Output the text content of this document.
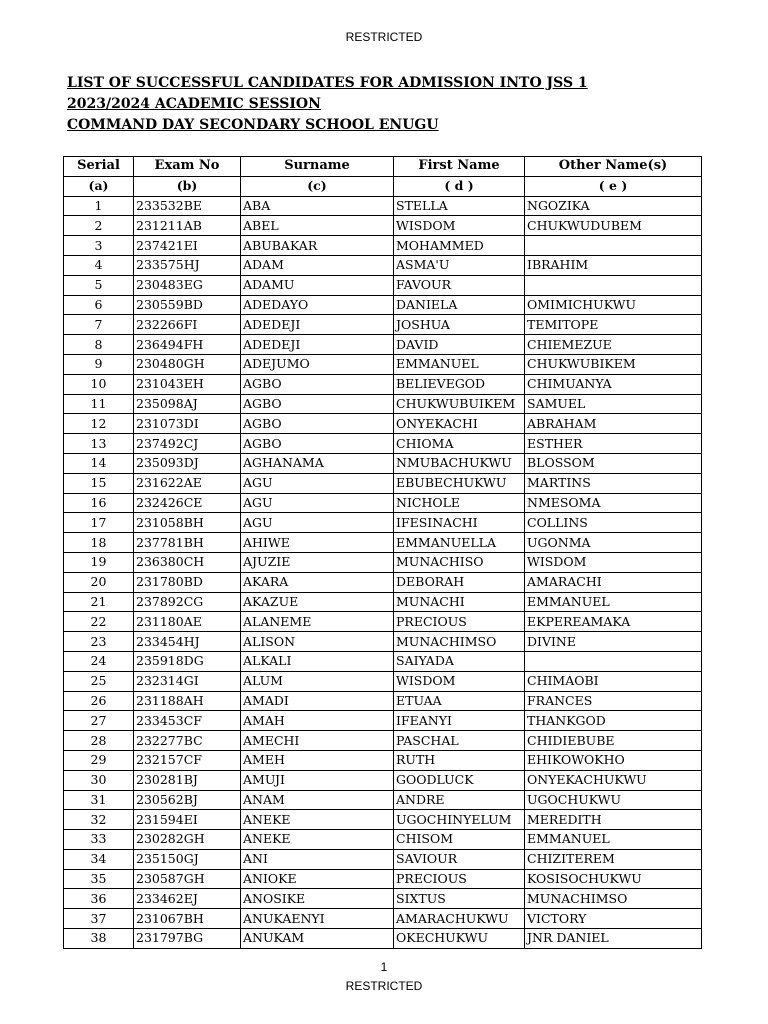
RESTRICTED
LIST OF SUCCESSFUL CANDIDATES FOR ADMISSION INTO JSS 1
2023/2024 ACADEMIC SESSION
COMMAND DAY SECONDARY SCHOOL ENUGU
Serial	Exam No	Surname	First Name	Other Name(s)
(a)	(b)	(c)	( d )	( e )
1	233532BE	ABA	STELLA	NGOZIKA
2	231211AB	ABEL	WISDOM	CHUKWUDUBEM
3	237421EI	ABUBAKAR	MOHAMMED	
4	233575HJ	ADAM	ASMA'U	IBRAHIM
5	230483EG	ADAMU	FAVOUR	
6	230559BD	ADEDAYO	DANIELA	OMIMICHUKWU
7	232266FI	ADEDEJI	JOSHUA	TEMITOPE
8	236494FH	ADEDEJI	DAVID	CHIEMEZUE
9	230480GH	ADEJUMO	EMMANUEL	CHUKWUBIKEM
10	231043EH	AGBO	BELIEVEGOD	CHIMUANYA
11	235098AJ	AGBO	CHUKWUBUIKEM	SAMUEL
12	231073DI	AGBO	ONYEKACHI	ABRAHAM
13	237492CJ	AGBO	CHIOMA	ESTHER
14	235093DJ	AGHANAMA	NMUBACHUKWU	BLOSSOM
15	231622AE	AGU	EBUBECHUKWU	MARTINS
16	232426CE	AGU	NICHOLE	NMESOMA
17	231058BH	AGU	IFESINACHI	COLLINS
18	237781BH	AHIWE	EMMANUELLA	UGONMA
19	236380CH	AJUZIE	MUNACHISO	WISDOM
20	231780BD	AKARA	DEBORAH	AMARACHI
21	237892CG	AKAZUE	MUNACHI	EMMANUEL
22	231180AE	ALANEME	PRECIOUS	EKPEREAMAKA
23	233454HJ	ALISON	MUNACHIMSO	DIVINE
24	235918DG	ALKALI	SAIYADA	
25	232314GI	ALUM	WISDOM	CHIMAOBI
26	231188AH	AMADI	ETUAA	FRANCES
27	233453CF	AMAH	IFEANYI	THANKGOD
28	232277BC	AMECHI	PASCHAL	CHIDIEBUBE
29	232157CF	AMEH	RUTH	EHIKOWOKHO
30	230281BJ	AMUJI	GOODLUCK	ONYEKACHUKWU
31	230562BJ	ANAM	ANDRE	UGOCHUKWU
32	231594EI	ANEKE	UGOCHINYELUM	MEREDITH
33	230282GH	ANEKE	CHISOM	EMMANUEL
34	235150GJ	ANI	SAVIOUR	CHIZITEREM
35	230587GH	ANIOKE	PRECIOUS	KOSISOCHUKWU
36	233462EJ	ANOSIKE	SIXTUS	MUNACHIMSO
37	231067BH	ANUKAENYI	AMARACHUKWU	VICTORY
38	231797BG	ANUKAM	OKECHUKWU	JNR DANIEL
1
RESTRICTED
